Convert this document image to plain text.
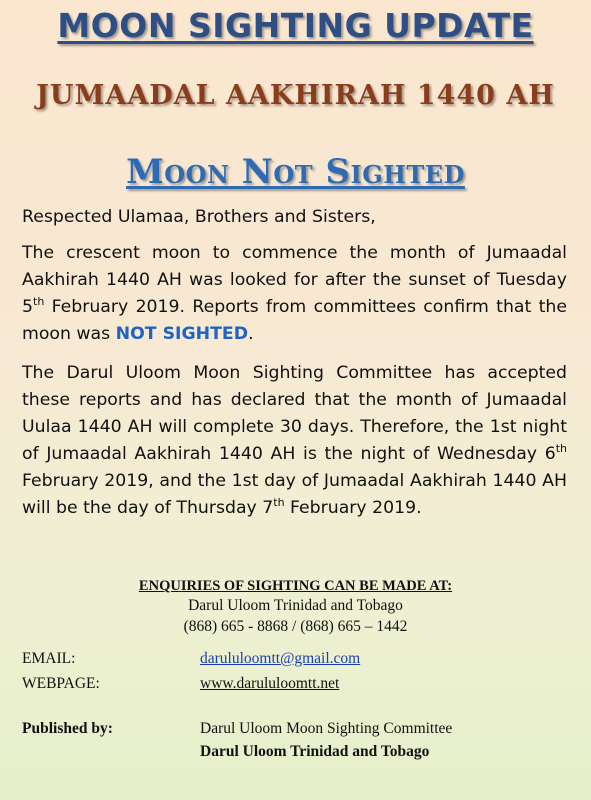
MOON SIGHTING UPDATE
JUMAADAL AAKHIRAH 1440 AH
Moon Not Sighted
Respected Ulamaa, Brothers and Sisters,
The crescent moon to commence the month of Jumaadal Aakhirah 1440 AH was looked for after the sunset of Tuesday 5th February 2019. Reports from committees confirm that the moon was NOT SIGHTED.
The Darul Uloom Moon Sighting Committee has accepted these reports and has declared that the month of Jumaadal Uulaa 1440 AH will complete 30 days. Therefore, the 1st night of Jumaadal Aakhirah 1440 AH is the night of Wednesday 6th February 2019, and the 1st day of Jumaadal Aakhirah 1440 AH will be the day of Thursday 7th February 2019.
ENQUIRIES OF SIGHTING CAN BE MADE AT:
Darul Uloom Trinidad and Tobago
(868) 665 - 8868 / (868) 665 – 1442
EMAIL:	darululoomtt@gmail.com
WEBPAGE:	www.darululoomtt.net
Published by:	Darul Uloom Moon Sighting Committee
Darul Uloom Trinidad and Tobago
